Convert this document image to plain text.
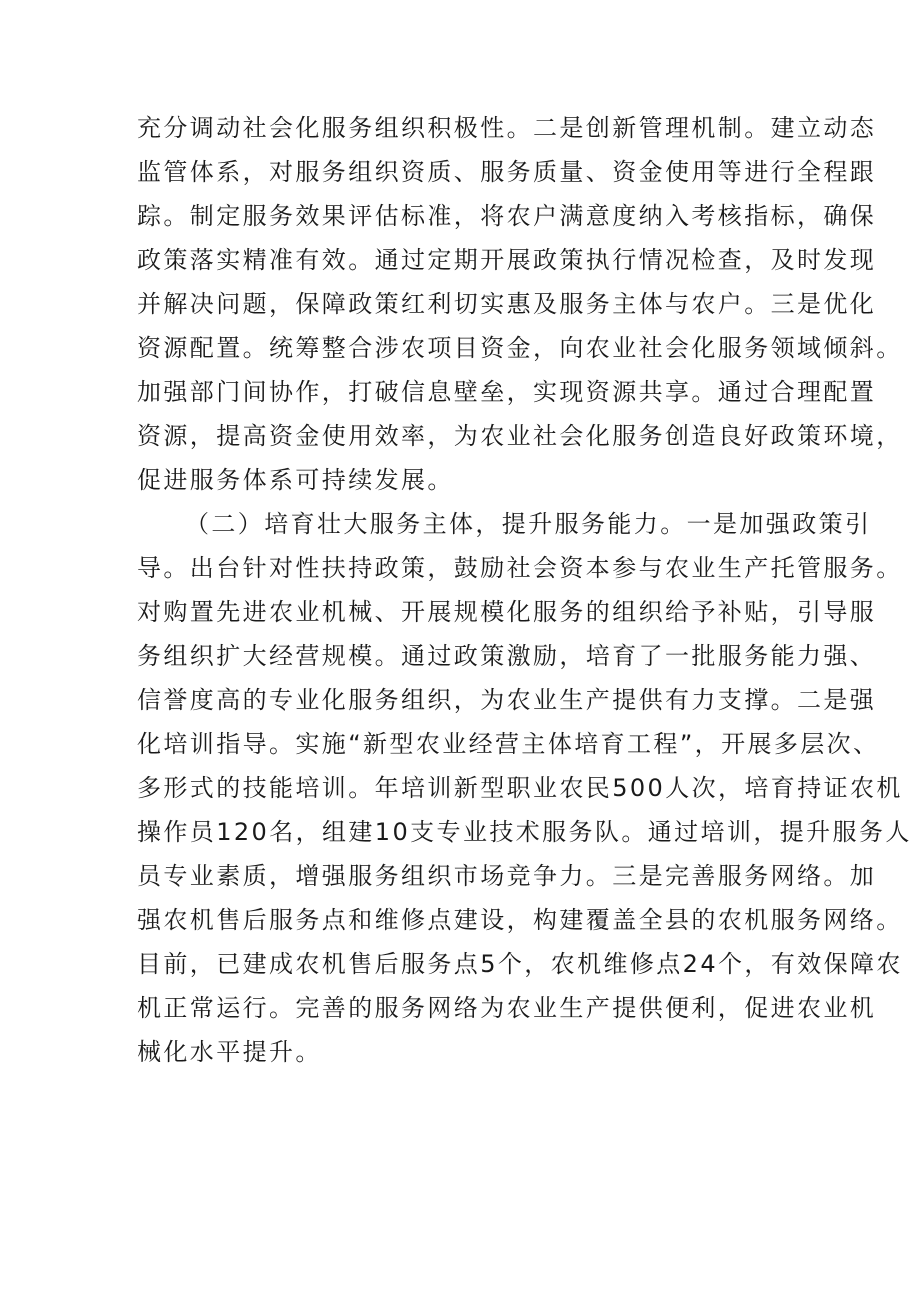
充分调动社会化服务组织积极性。二是创新管理机制。建立动态
监管体系，对服务组织资质、服务质量、资金使用等进行全程跟
踪。制定服务效果评估标准，将农户满意度纳入考核指标，确保
政策落实精准有效。通过定期开展政策执行情况检查，及时发现
并解决问题，保障政策红利切实惠及服务主体与农户。三是优化
资源配置。统筹整合涉农项目资金，向农业社会化服务领域倾斜。
加强部门间协作，打破信息壁垒，实现资源共享。通过合理配置
资源，提高资金使用效率，为农业社会化服务创造良好政策环境，
促进服务体系可持续发展。
（二）培育壮大服务主体，提升服务能力。一是加强政策引
导。出台针对性扶持政策，鼓励社会资本参与农业生产托管服务。
对购置先进农业机械、开展规模化服务的组织给予补贴，引导服
务组织扩大经营规模。通过政策激励，培育了一批服务能力强、
信誉度高的专业化服务组织，为农业生产提供有力支撑。二是强
化培训指导。实施“新型农业经营主体培育工程”，开展多层次、
多形式的技能培训。年培训新型职业农民500人次，培育持证农机
操作员120名，组建10支专业技术服务队。通过培训，提升服务人
员专业素质，增强服务组织市场竞争力。三是完善服务网络。加
强农机售后服务点和维修点建设，构建覆盖全县的农机服务网络。
目前，已建成农机售后服务点5个，农机维修点24个，有效保障农
机正常运行。完善的服务网络为农业生产提供便利，促进农业机
械化水平提升。
